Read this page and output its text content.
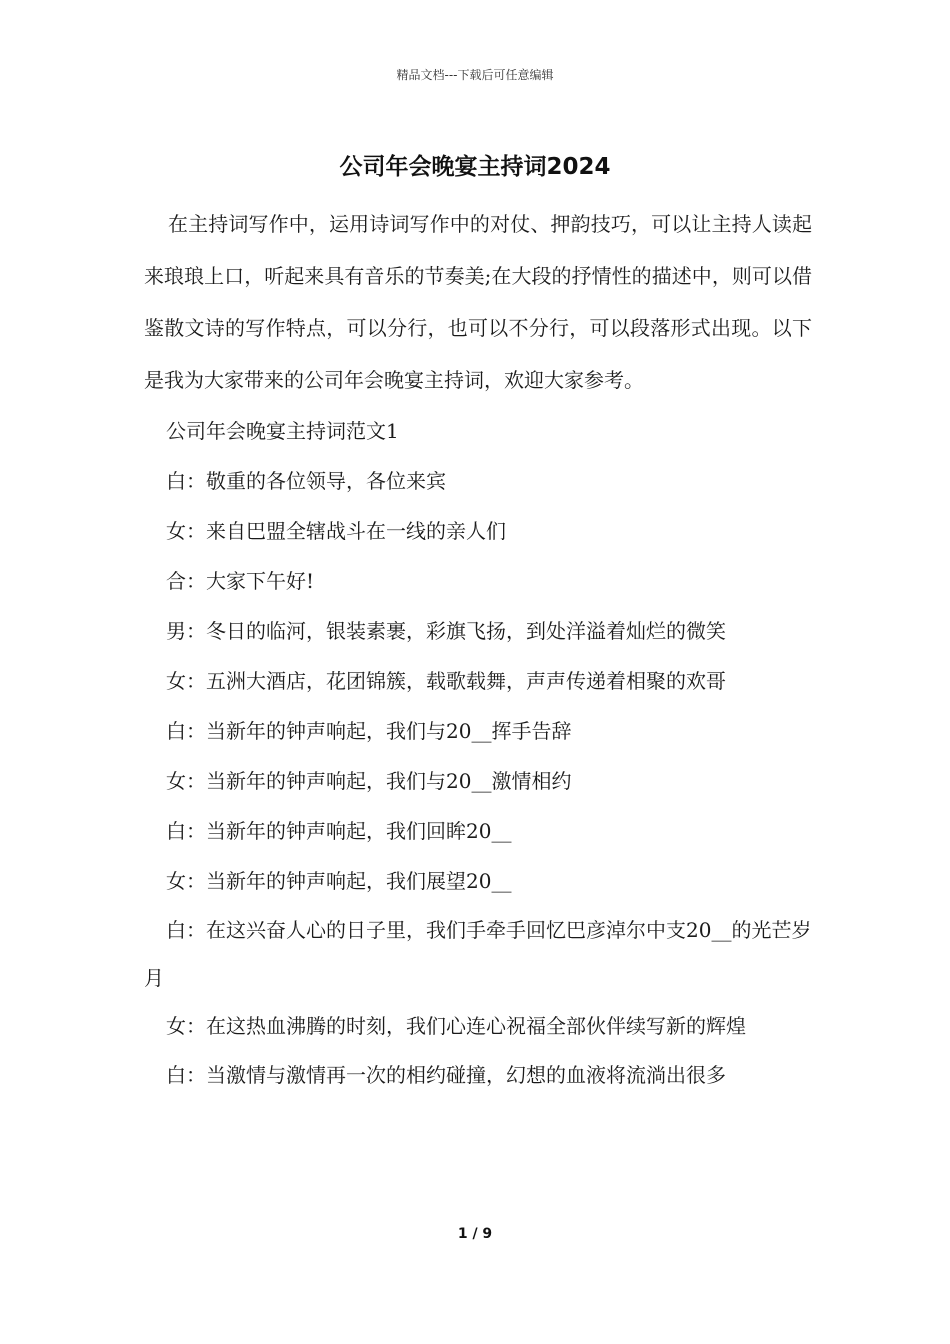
精品文档---下载后可任意编辑
公司年会晚宴主持词2024

在主持词写作中，运用诗词写作中的对仗、押韵技巧，可以让主持人读起来琅琅上口，听起来具有音乐的节奏美;在大段的抒情性的描述中，则可以借鉴散文诗的写作特点，可以分行，也可以不分行，可以段落形式出现。以下是我为大家带来的公司年会晚宴主持词，欢迎大家参考。

公司年会晚宴主持词范文1

白：敬重的各位领导，各位来宾

女：来自巴盟全辖战斗在一线的亲人们

合：大家下午好!

男：冬日的临河，银装素裹，彩旗飞扬，到处洋溢着灿烂的微笑

女：五洲大酒店，花团锦簇，载歌载舞，声声传递着相聚的欢哥

白：当新年的钟声响起，我们与20__挥手告辞

女：当新年的钟声响起，我们与20__激情相约

白：当新年的钟声响起，我们回眸20__

女：当新年的钟声响起，我们展望20__

白：在这兴奋人心的日子里，我们手牵手回忆巴彦淖尔中支20__的光芒岁月

女：在这热血沸腾的时刻，我们心连心祝福全部伙伴续写新的辉煌

白：当激情与激情再一次的相约碰撞，幻想的血液将流淌出很多

1 / 9
